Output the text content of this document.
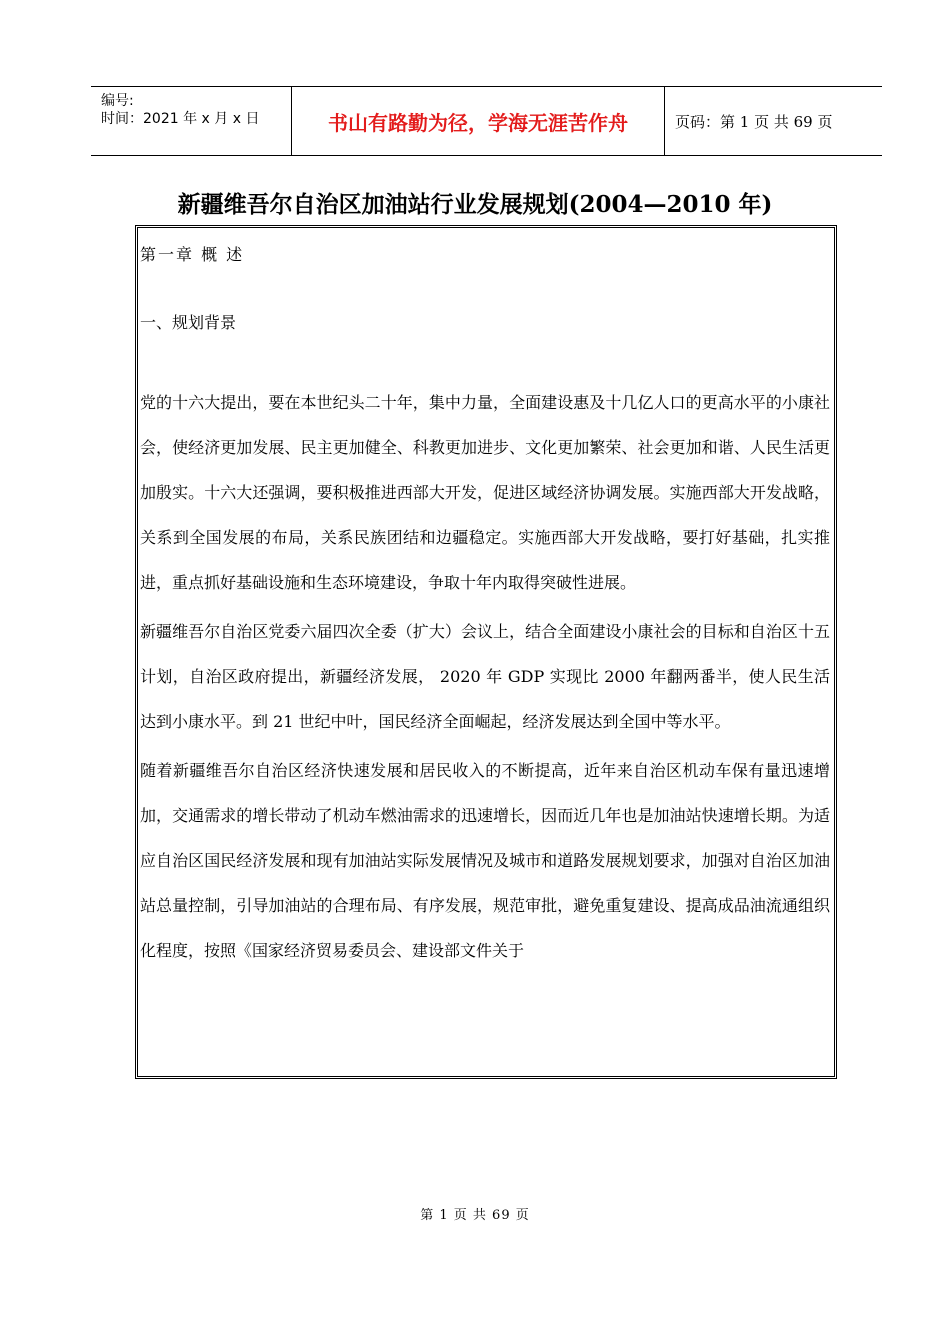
编号:
时间：2021 年 x 月 x 日	书山有路勤为径，学海无涯苦作舟	页码：第 1 页 共 69 页
新疆维吾尔自治区加油站行业发展规划(2004—2010 年)

第一章 概 述

一、规划背景

党的十六大提出，要在本世纪头二十年，集中力量，全面建设惠及十几亿人口的更高水平的小康社会，使经济更加发展、民主更加健全、科教更加进步、文化更加繁荣、社会更加和谐、人民生活更加殷实。十六大还强调，要积极推进西部大开发，促进区域经济协调发展。实施西部大开发战略，关系到全国发展的布局，关系民族团结和边疆稳定。实施西部大开发战略，要打好基础，扎实推进，重点抓好基础设施和生态环境建设，争取十年内取得突破性进展。

新疆维吾尔自治区党委六届四次全委（扩大）会议上，结合全面建设小康社会的目标和自治区十五计划，自治区政府提出，新疆经济发展， 2020 年 GDP 实现比 2000 年翻两番半，使人民生活达到小康水平。到 21 世纪中叶，国民经济全面崛起，经济发展达到全国中等水平。

随着新疆维吾尔自治区经济快速发展和居民收入的不断提高，近年来自治区机动车保有量迅速增加，交通需求的增长带动了机动车燃油需求的迅速增长，因而近几年也是加油站快速增长期。为适应自治区国民经济发展和现有加油站实际发展情况及城市和道路发展规划要求，加强对自治区加油站总量控制，引导加油站的合理布局、有序发展，规范审批，避免重复建设、提高成品油流通组织化程度，按照《国家经济贸易委员会、建设部文件关于

第 1 页 共 69 页
